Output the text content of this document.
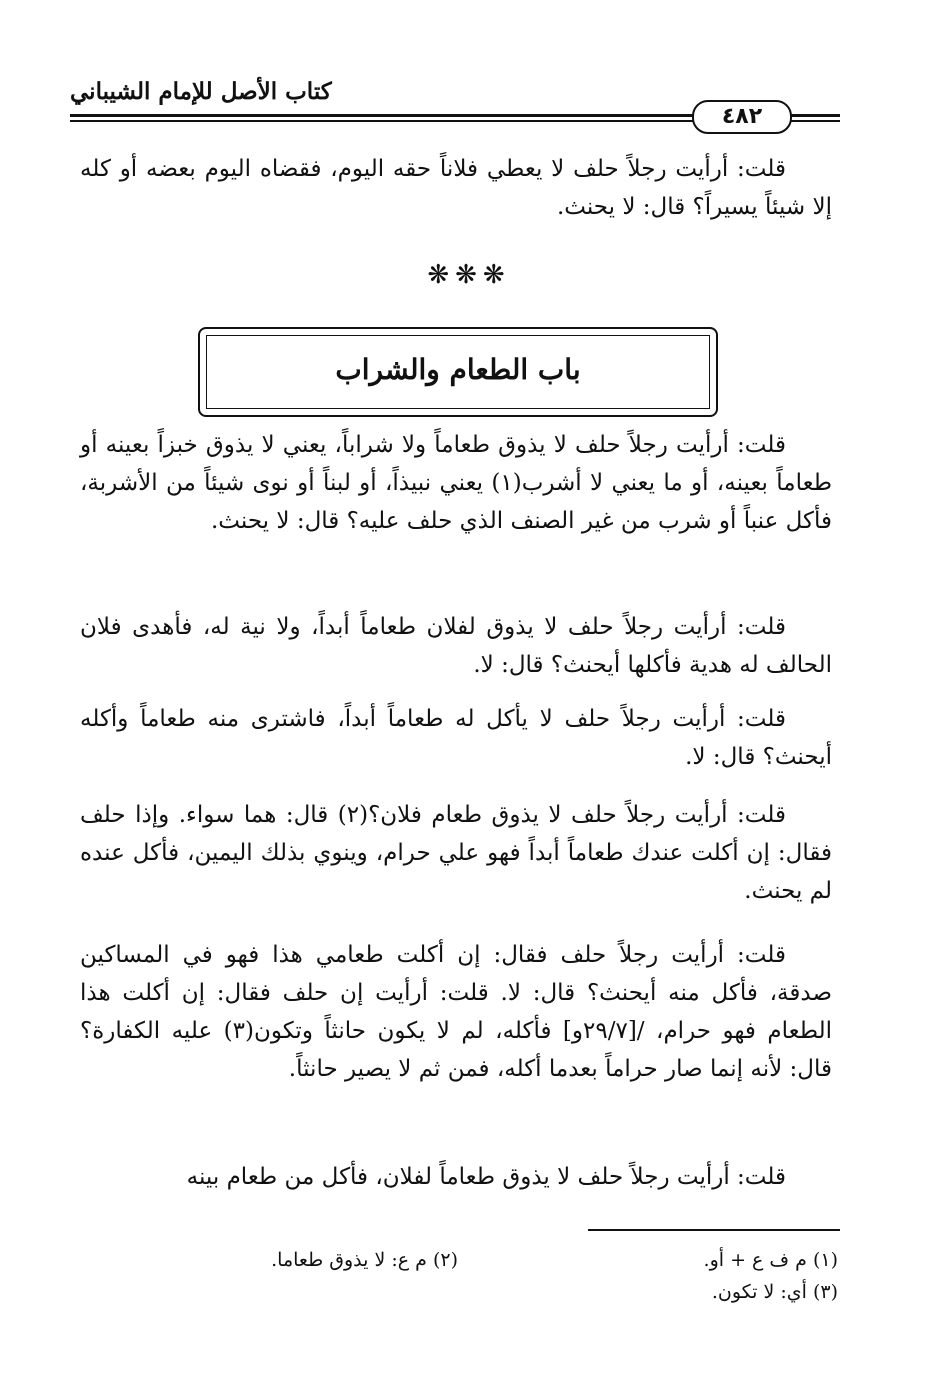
كتاب الأصل للإمام الشيباني
٤٨٢
قلت: أرأيت رجلاً حلف لا يعطي فلاناً حقه اليوم، فقضاه اليوم بعضه أو كله إلا شيئاً يسيراً؟ قال: لا يحنث.
❋❋❋
باب الطعام والشراب
قلت: أرأيت رجلاً حلف لا يذوق طعاماً ولا شراباً، يعني لا يذوق خبزاً بعينه أو طعاماً بعينه، أو ما يعني لا أشرب(١) يعني نبيذاً، أو لبناً أو نوى شيئاً من الأشربة، فأكل عنباً أو شرب من غير الصنف الذي حلف عليه؟ قال: لا يحنث.
قلت: أرأيت رجلاً حلف لا يذوق لفلان طعاماً أبداً، ولا نية له، فأهدى فلان الحالف له هدية فأكلها أيحنث؟ قال: لا.
قلت: أرأيت رجلاً حلف لا يأكل له طعاماً أبداً، فاشترى منه طعاماً وأكله أيحنث؟ قال: لا.
قلت: أرأيت رجلاً حلف لا يذوق طعام فلان؟(٢) قال: هما سواء. وإذا حلف فقال: إن أكلت عندك طعاماً أبداً فهو علي حرام، وينوي بذلك اليمين، فأكل عنده لم يحنث.
قلت: أرأيت رجلاً حلف فقال: إن أكلت طعامي هذا فهو في المساكين صدقة، فأكل منه أيحنث؟ قال: لا. قلت: أرأيت إن حلف فقال: إن أكلت هذا الطعام فهو حرام، /[٢٩/٧و] فأكله، لم لا يكون حانثاً وتكون(٣) عليه الكفارة؟ قال: لأنه إنما صار حراماً بعدما أكله، فمن ثم لا يصير حانثاً.
قلت: أرأيت رجلاً حلف لا يذوق طعاماً لفلان، فأكل من طعام بينه
(١) م ف ع + أو.
(٢) م ع: لا يذوق طعاما.
(٣) أي: لا تكون.
